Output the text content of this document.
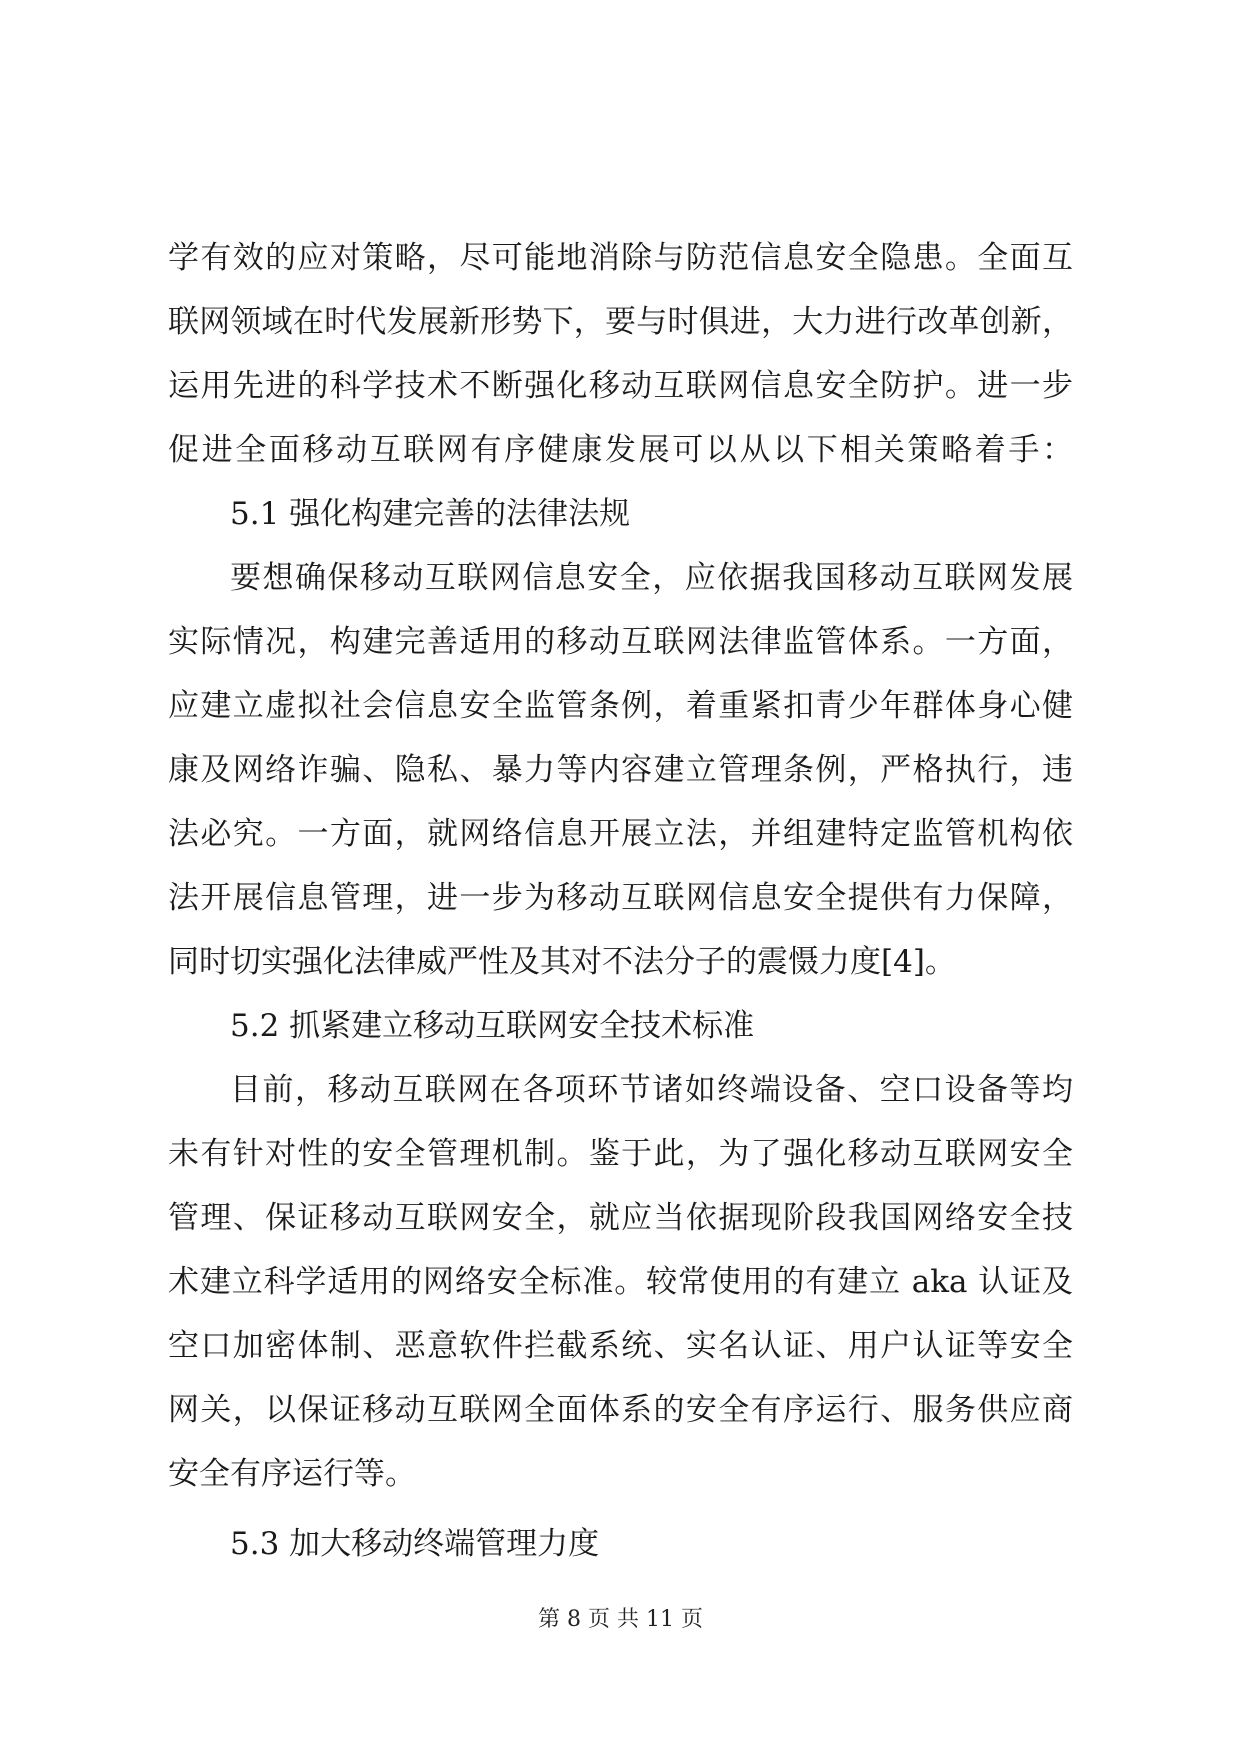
学有效的应对策略，尽可能地消除与防范信息安全隐患。全面互
联网领域在时代发展新形势下，要与时俱进，大力进行改革创新，
运用先进的科学技术不断强化移动互联网信息安全防护。进一步
促进全面移动互联网有序健康发展可以从以下相关策略着手：
5.1 强化构建完善的法律法规
要想确保移动互联网信息安全，应依据我国移动互联网发展
实际情况，构建完善适用的移动互联网法律监管体系。一方面，
应建立虚拟社会信息安全监管条例，着重紧扣青少年群体身心健
康及网络诈骗、隐私、暴力等内容建立管理条例，严格执行，违
法必究。一方面，就网络信息开展立法，并组建特定监管机构依
法开展信息管理，进一步为移动互联网信息安全提供有力保障，
同时切实强化法律威严性及其对不法分子的震慑力度[4]。
5.2 抓紧建立移动互联网安全技术标准
目前，移动互联网在各项环节诸如终端设备、空口设备等均
未有针对性的安全管理机制。鉴于此，为了强化移动互联网安全
管理、保证移动互联网安全，就应当依据现阶段我国网络安全技
术建立科学适用的网络安全标准。较常使用的有建立 aka 认证及
空口加密体制、恶意软件拦截系统、实名认证、用户认证等安全
网关，以保证移动互联网全面体系的安全有序运行、服务供应商
安全有序运行等。
5.3 加大移动终端管理力度
第 8 页 共 11 页
